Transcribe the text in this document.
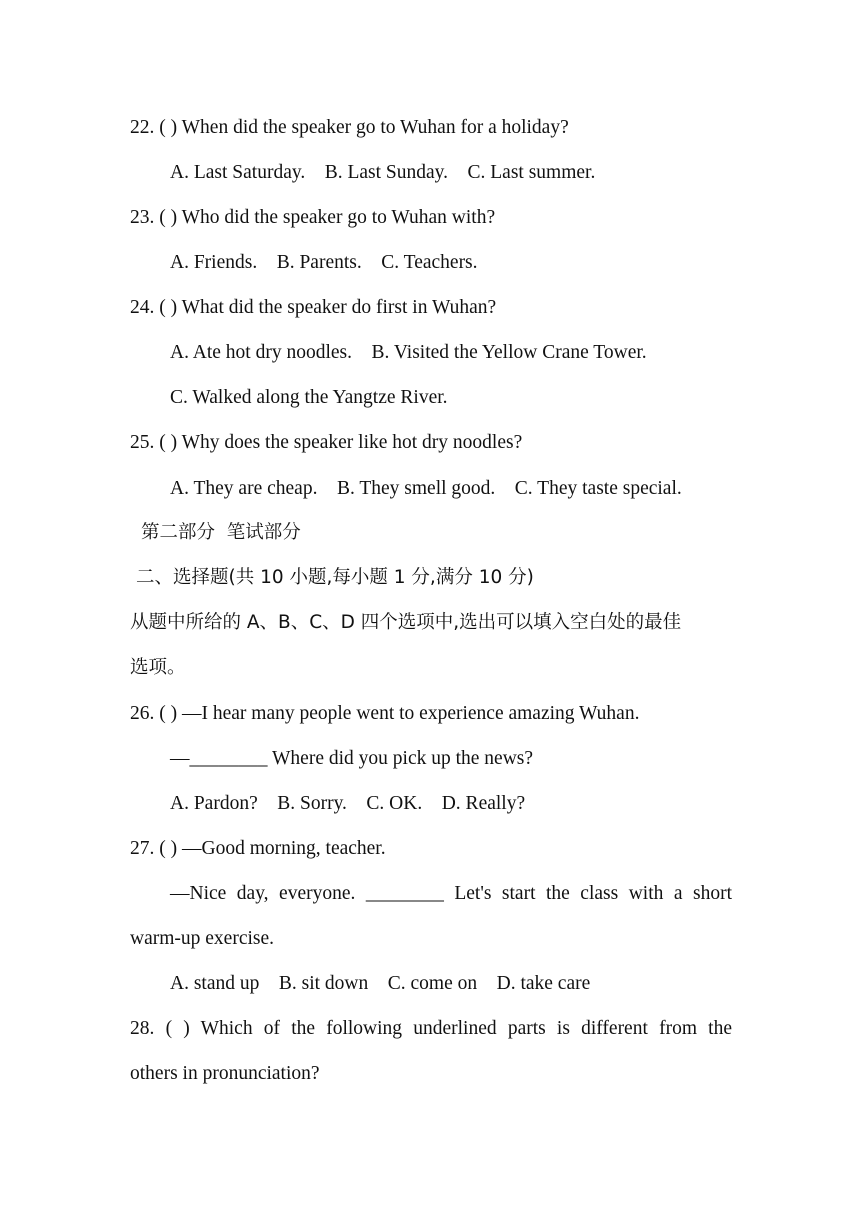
22. ( ) When did the speaker go to Wuhan for a holiday?
A. Last Saturday.    B. Last Sunday.    C. Last summer.
23. ( ) Who did the speaker go to Wuhan with?
A. Friends.    B. Parents.    C. Teachers.
24. ( ) What did the speaker do first in Wuhan?
A. Ate hot dry noodles.    B. Visited the Yellow Crane Tower.
C. Walked along the Yangtze River.
25. ( ) Why does the speaker like hot dry noodles?
A. They are cheap.    B. They smell good.    C. They taste special.
第二部分  笔试部分
二、选择题(共 10 小题,每小题 1 分,满分 10 分)
从题中所给的 A、B、C、D 四个选项中,选出可以填入空白处的最佳
选项。
26. ( ) —I hear many people went to experience amazing Wuhan.
—________ Where did you pick up the news?
A. Pardon?    B. Sorry.    C. OK.    D. Really?
27. ( ) —Good morning, teacher.
—Nice day, everyone. ________ Let's start the class with a short
warm-up exercise.
A. stand up    B. sit down    C. come on    D. take care
28. ( ) Which of the following underlined parts is different from the
others in pronunciation?
